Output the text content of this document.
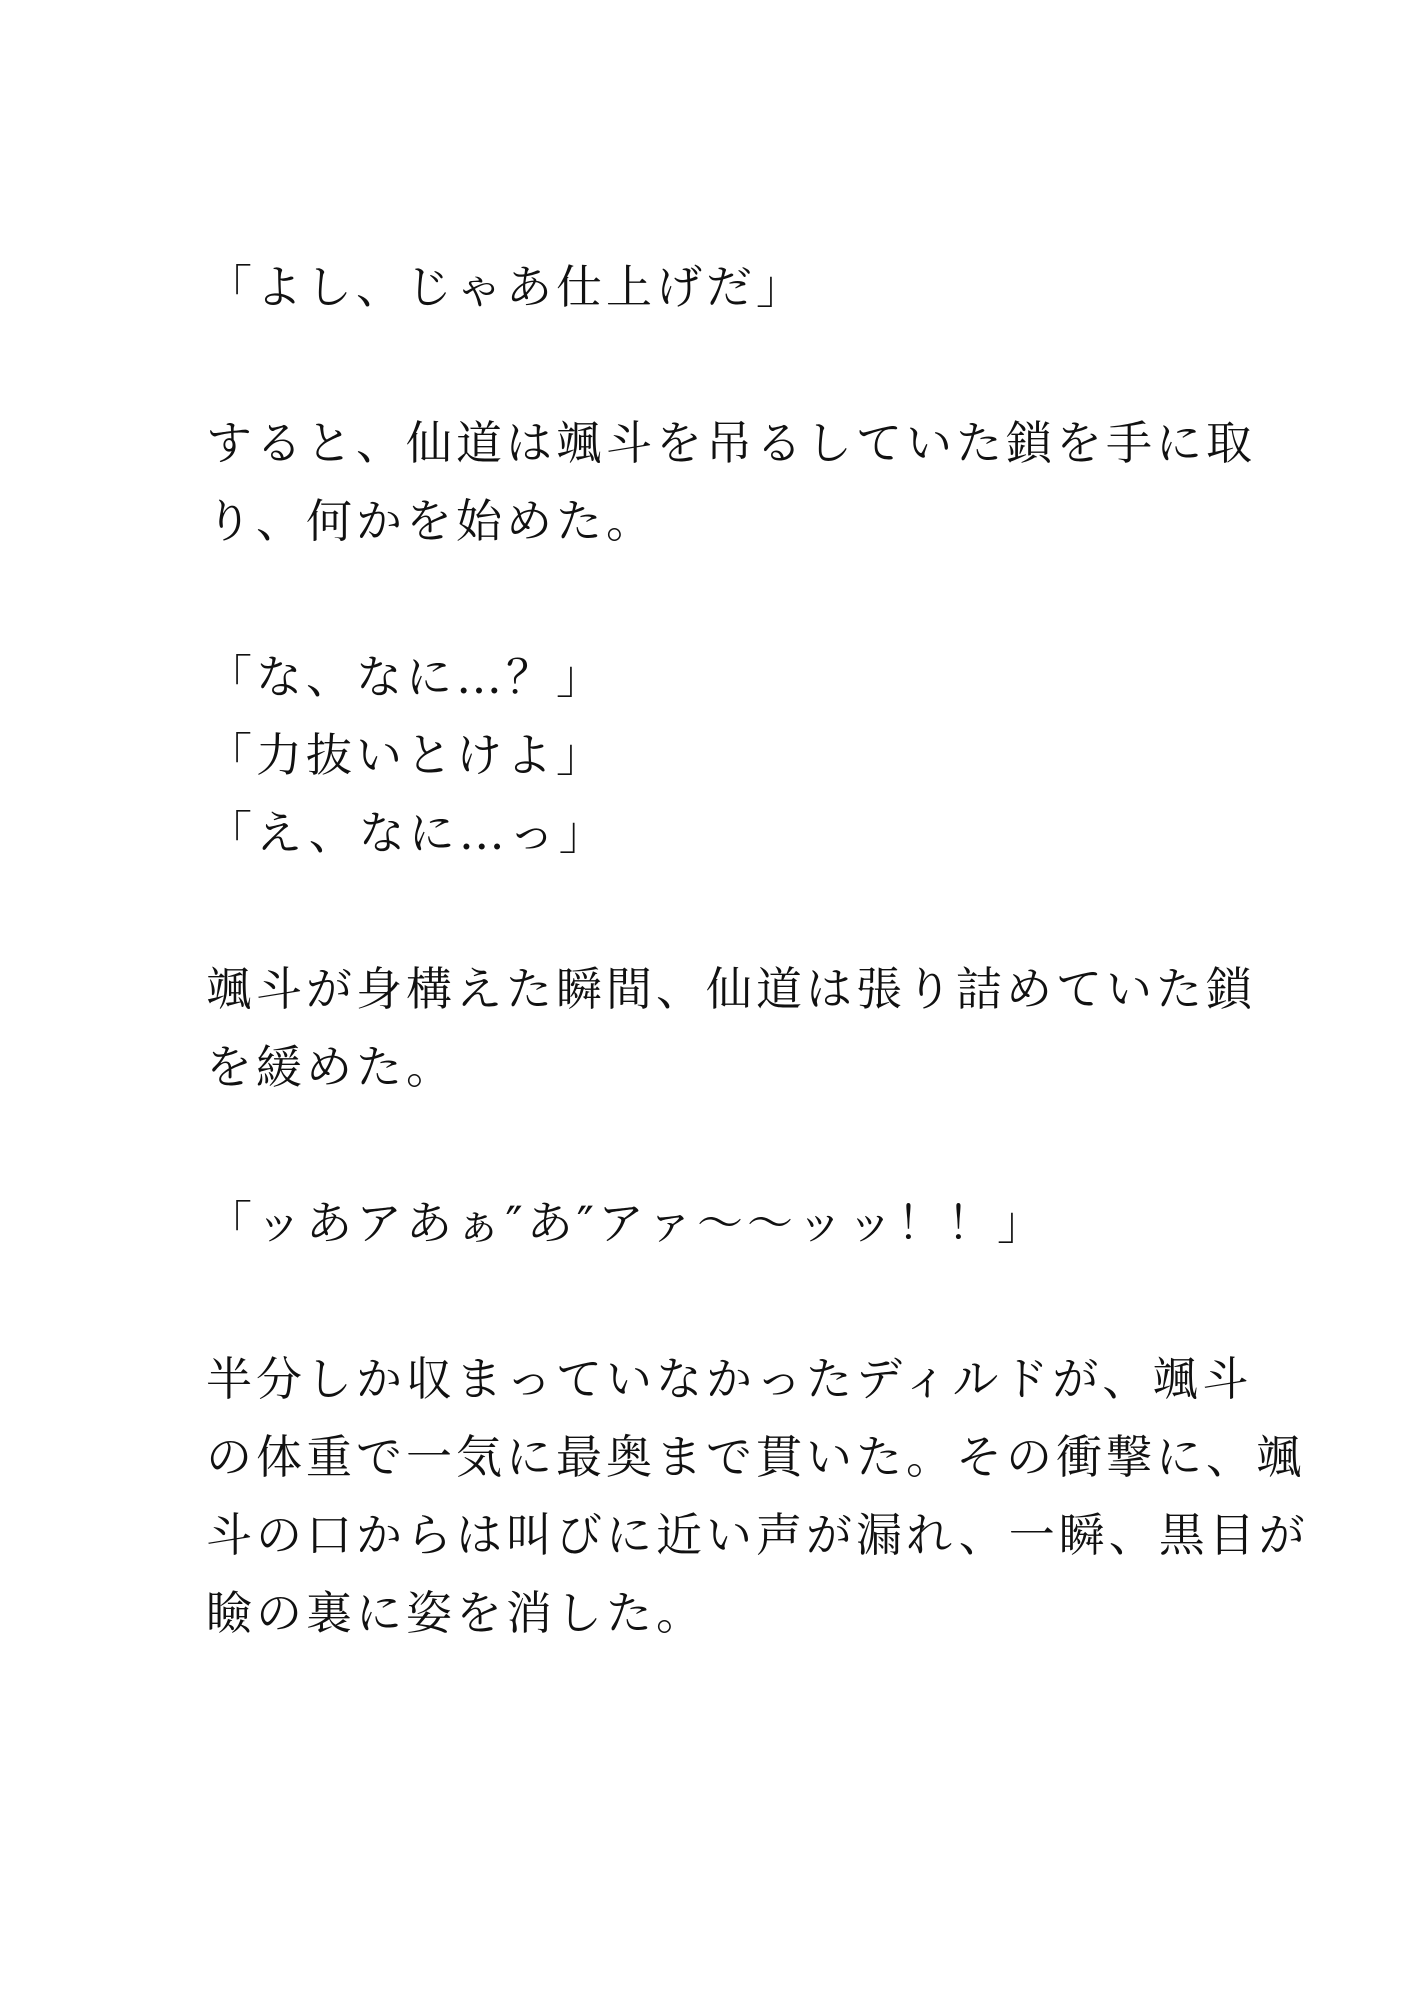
「よし、じゃあ仕上げだ」
すると、仙道は颯斗を吊るしていた鎖を手に取
り、何かを始めた。
「な、なに…？」
「力抜いとけよ」
「え、なに…っ」
颯斗が身構えた瞬間、仙道は張り詰めていた鎖
を緩めた。
「ッあアあぁ″あ″アァ〜〜ッッ！！」
半分しか収まっていなかったディルドが、颯斗
の体重で一気に最奥まで貫いた。その衝撃に、颯
斗の口からは叫びに近い声が漏れ、一瞬、黒目が
瞼の裏に姿を消した。
